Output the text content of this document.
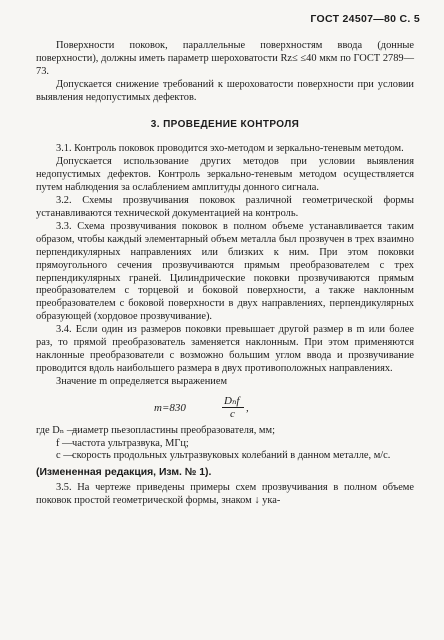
ГОСТ 24507—80 С. 5

Поверхности поковок, параллельные поверхностям ввода (донные поверхности), должны иметь параметр шероховатости Rz≤ ≤40 мкм по ГОСТ 2789—73.

Допускается снижение требований к шероховатости поверхности при условии выявления недопустимых дефектов.

3. ПРОВЕДЕНИЕ КОНТРОЛЯ

3.1. Контроль поковок проводится эхо-методом и зеркально-теневым методом.

Допускается использование других методов при условии выявления недопустимых дефектов. Контроль зеркально-теневым методом осуществляется путем наблюдения за ослаблением амплитуды донного сигнала.

3.2. Схемы прозвучивания поковок различной геометрической формы устанавливаются технической документацией на контроль.

3.3. Схема прозвучивания поковок в полном объеме устанавливается таким образом, чтобы каждый элементарный объем металла был прозвучен в трех взаимно перпендикулярных направлениях или близких к ним. При этом поковки прямоугольного сечения прозвучиваются прямым преобразователем с трех перпендикулярных граней. Цилиндрические поковки прозвучиваются прямым преобразователем с торцевой и боковой поверхности, а также наклонным преобразователем с боковой поверхности в двух направлениях, перпендикулярных образующей (хордовое прозвучивание).

3.4. Если один из размеров поковки превышает другой размер в m или более раз, то прямой преобразователь заменяется наклонным. При этом применяются наклонные преобразователи с возможно большим углом ввода и прозвучивание проводится вдоль наибольшего размера в двух противоположных направлениях.

Значение m определяется выражением

m=830
Dₙf
c ,
где Dₙ —
диаметр пьезопластины преобразователя, мм;
f — частота ультразвука, МГц;
c —
скорость продольных ультразвуковых колебаний в данном металле, м/с.

(Измененная редакция, Изм. № 1).

3.5. На чертеже приведены примеры схем прозвучивания в полном объеме поковок простой геометрической формы, знаком ↓ ука-
